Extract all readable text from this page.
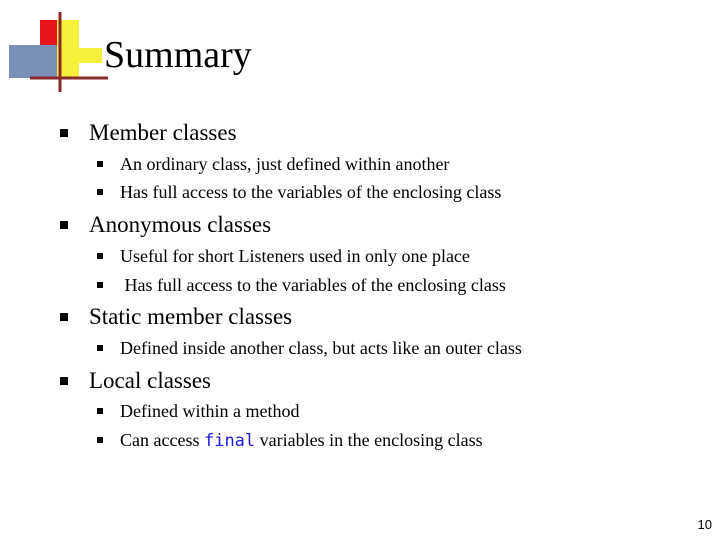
Summary
Member classes
An ordinary class, just defined within another
Has full access to the variables of the enclosing class
Anonymous classes
Useful for short Listeners used in only one place
Has full access to the variables of the enclosing class
Static member classes
Defined inside another class, but acts like an outer class
Local classes
Defined within a method
Can access final variables in the enclosing class
10
